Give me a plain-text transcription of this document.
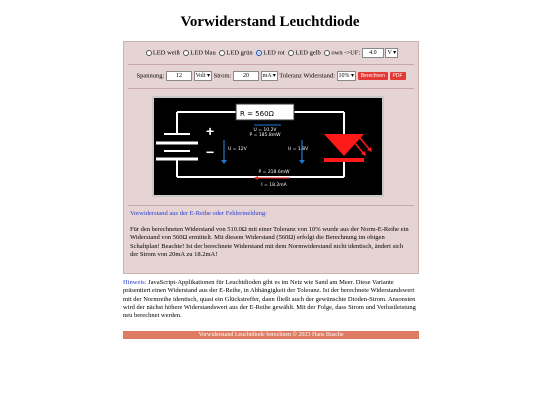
Vorwiderstand Leuchtdiode
LED weiß LED blau LED grün LED rot LED gelb own ->UF: 4.0 V ▾
Spannung: 12 Volt ▾ Strom: 20 mA ▾ Toleranz Widerstand: 10% ▾ Berechnen PDF
+
−
R = 560Ω
U = 10.2V
P = 185.8mW
U = 12V	U = 1.8V
P = 218.6mW
I = 18.2mA
Vorwiderstand aus der E-Reihe oder Fehlermeldung:
Für den berechneten Widerstand von 510.0Ω mit einer Toleranz von 10% wurde aus der Norm-E-Reihe ein Widerstand von 560Ω ermittelt. Mit diesem Widerstand (560Ω) erfolgt die Berechnung im obigen Schaltplan! Beachte! Ist der berechnete Widerstand mit dem Normwiderstand nicht identisch, ändert sich der Strom von 20mA zu 18.2mA!
Hinweis: JavaScript-Applikationen für Leuchtdioden gibt es im Netz wie Sand am Meer. Diese Variante präsentiert einen Widerstand aus der E-Reihe, in Abhängigkeit der Toleranz. Ist der berechnete Widerstandswert mit der Normreihe identisch, quasi ein Glückstreffer, dann fließt auch der gewünschte Dioden-Strom. Ansonsten wird der nächst höhere Widerstandswert aus der E-Reihe gewählt. Mit der Folge, dass Strom und Verlustleistung neu berechnet werden.
Vorwiderstand Leuchtdiode berechnen © 2023 Hans Busche
